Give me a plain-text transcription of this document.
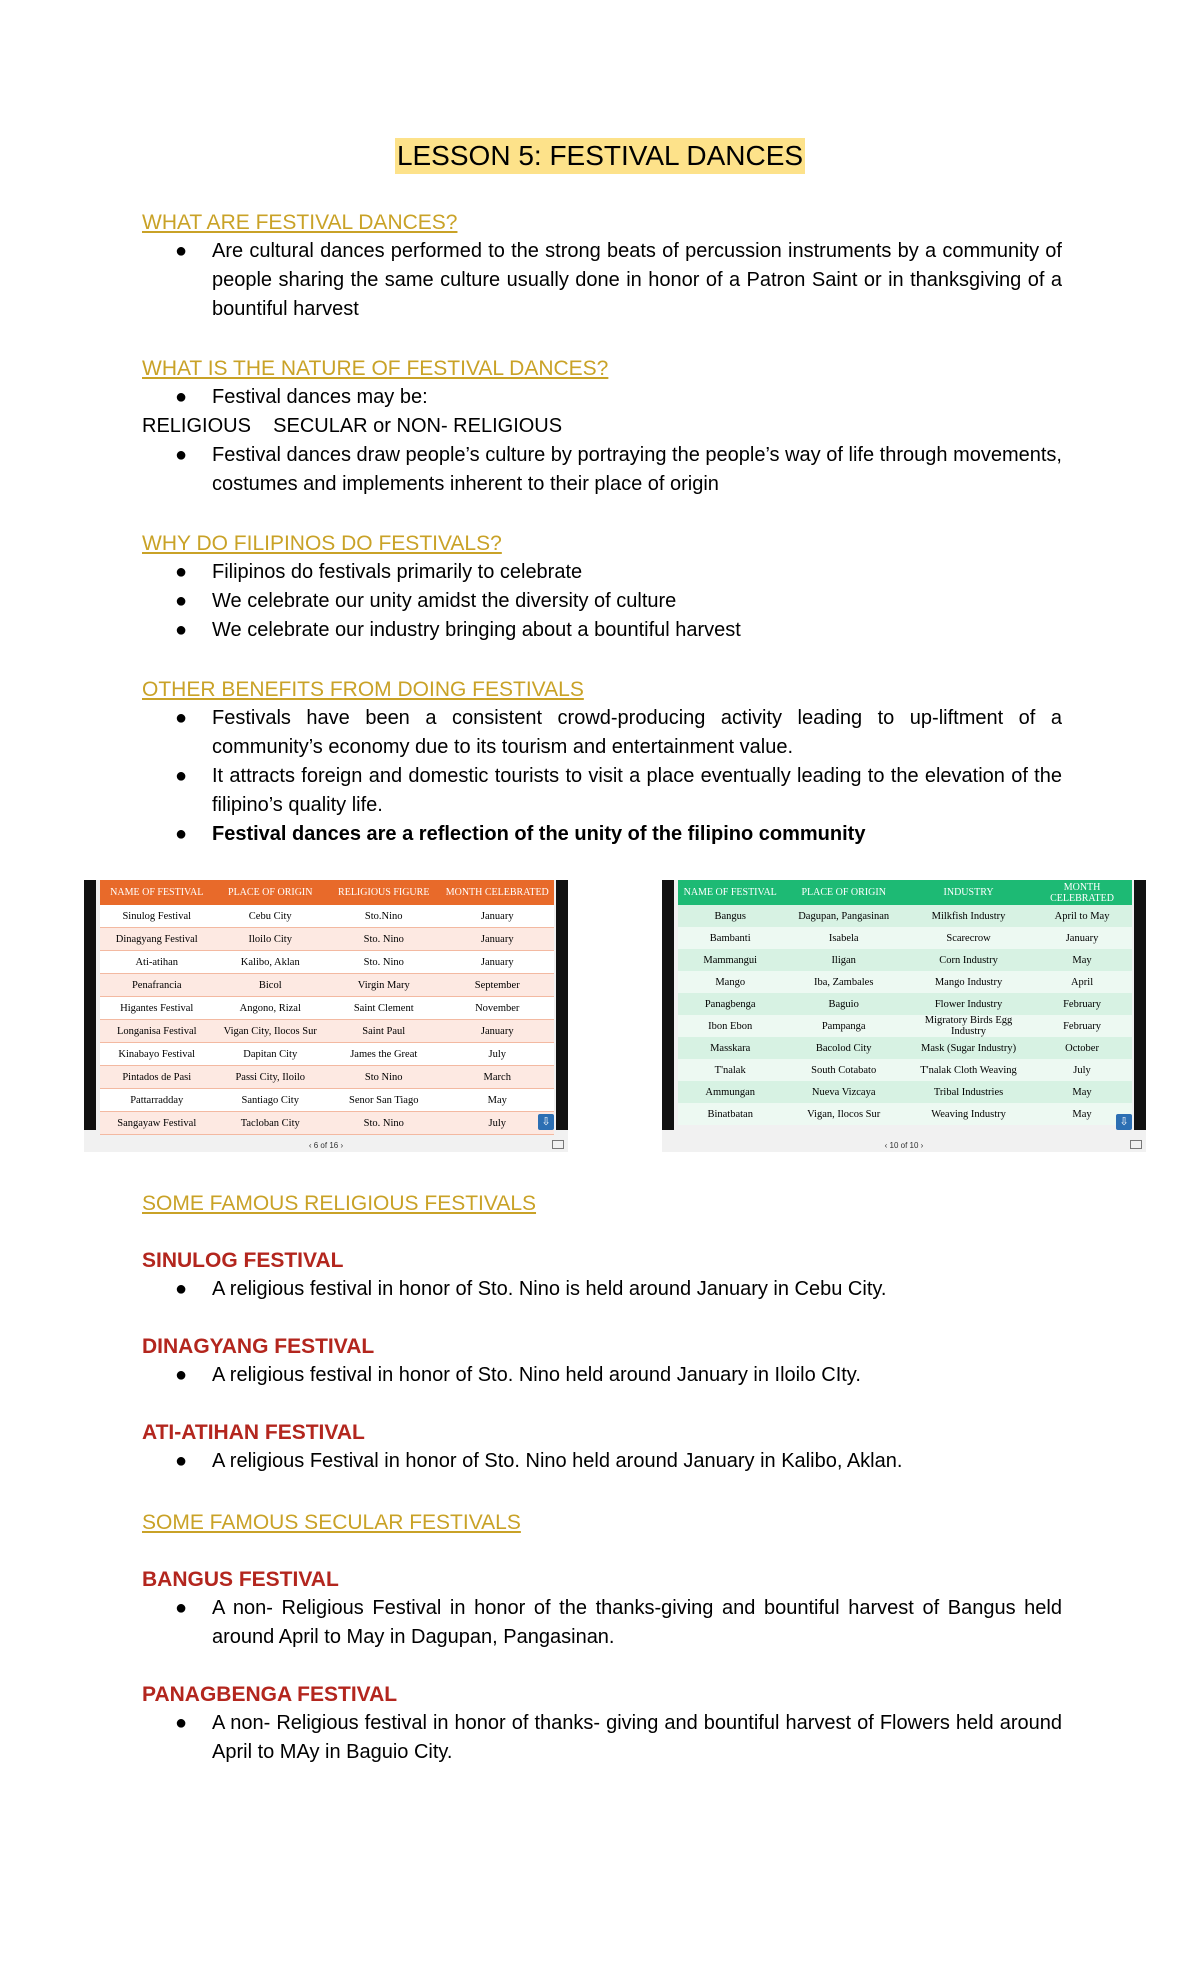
LESSON 5: FESTIVAL DANCES

WHAT ARE FESTIVAL DANCES?

● Are cultural dances performed to the strong beats of percussion instruments by a community of people sharing the same culture usually done in honor of a Patron Saint or in thanksgiving of a bountiful harvest

WHAT IS THE NATURE OF FESTIVAL DANCES?

● Festival dances may be:
RELIGIOUS    SECULAR or NON- RELIGIOUS
● Festival dances draw people’s culture by portraying the people’s way of life through movements, costumes and implements inherent to their place of origin

WHY DO FILIPINOS DO FESTIVALS?

● Filipinos do festivals primarily to celebrate
● We celebrate our unity amidst the diversity of culture
● We celebrate our industry bringing about a bountiful harvest

OTHER BENEFITS FROM DOING FESTIVALS

● Festivals have been a consistent crowd-producing activity leading to up-liftment of a community’s economy due to its tourism and entertainment value.
● It attracts foreign and domestic tourists to visit a place eventually leading to the elevation of the filipino’s quality life.
● Festival dances are a reflection of the unity of the filipino community
NAME OF FESTIVAL	PLACE OF ORIGIN	RELIGIOUS FIGURE	MONTH CELEBRATED
Sinulog Festival	Cebu City	Sto.Nino	January
Dinagyang Festival	Iloilo City	Sto. Nino	January
Ati-atihan	Kalibo, Aklan	Sto. Nino	January
Penafrancia	Bicol	Virgin Mary	September
Higantes Festival	Angono, Rizal	Saint Clement	November
Longanisa Festival	Vigan City, Ilocos Sur	Saint Paul	January
Kinabayo Festival	Dapitan City	James the Great	July
Pintados de Pasi	Passi City, Iloilo	Sto Nino	March
Pattarradday	Santiago City	Senor San Tiago	May
Sangayaw Festival	Tacloban City	Sto. Nino	July	⇩
‹ 6 of 16 ›
NAME OF FESTIVAL	PLACE OF ORIGIN	INDUSTRY	MONTH CELEBRATED
Bangus	Dagupan, Pangasinan	Milkfish Industry	April to May
Bambanti	Isabela	Scarecrow	January
Mammangui	Iligan	Corn Industry	May
Mango	Iba, Zambales	Mango Industry	April
Panagbenga	Baguio	Flower Industry	February
Ibon Ebon	Pampanga	Migratory Birds Egg Industry	February
Masskara	Bacolod City	Mask (Sugar Industry)	October
T'nalak	South Cotabato	T'nalak Cloth Weaving	July
Ammungan	Nueva Vizcaya	Tribal Industries	May
Binatbatan	Vigan, Ilocos Sur	Weaving Industry	May
⇩
‹ 10 of 10 ›

SOME FAMOUS RELIGIOUS FESTIVALS

SINULOG FESTIVAL

● A religious festival in honor of Sto. Nino is held around January in Cebu City.

DINAGYANG FESTIVAL

● A religious festival in honor of Sto. Nino held around January in Iloilo CIty.

ATI-ATIHAN FESTIVAL

● A religious Festival in honor of Sto. Nino held around January in Kalibo, Aklan.

SOME FAMOUS SECULAR FESTIVALS

BANGUS FESTIVAL

● A non- Religious Festival in honor of the thanks-giving and bountiful harvest of Bangus held around April to May in Dagupan, Pangasinan.

PANAGBENGA FESTIVAL

● A non- Religious festival in honor of thanks- giving and bountiful harvest of Flowers held around April to MAy in Baguio City.
